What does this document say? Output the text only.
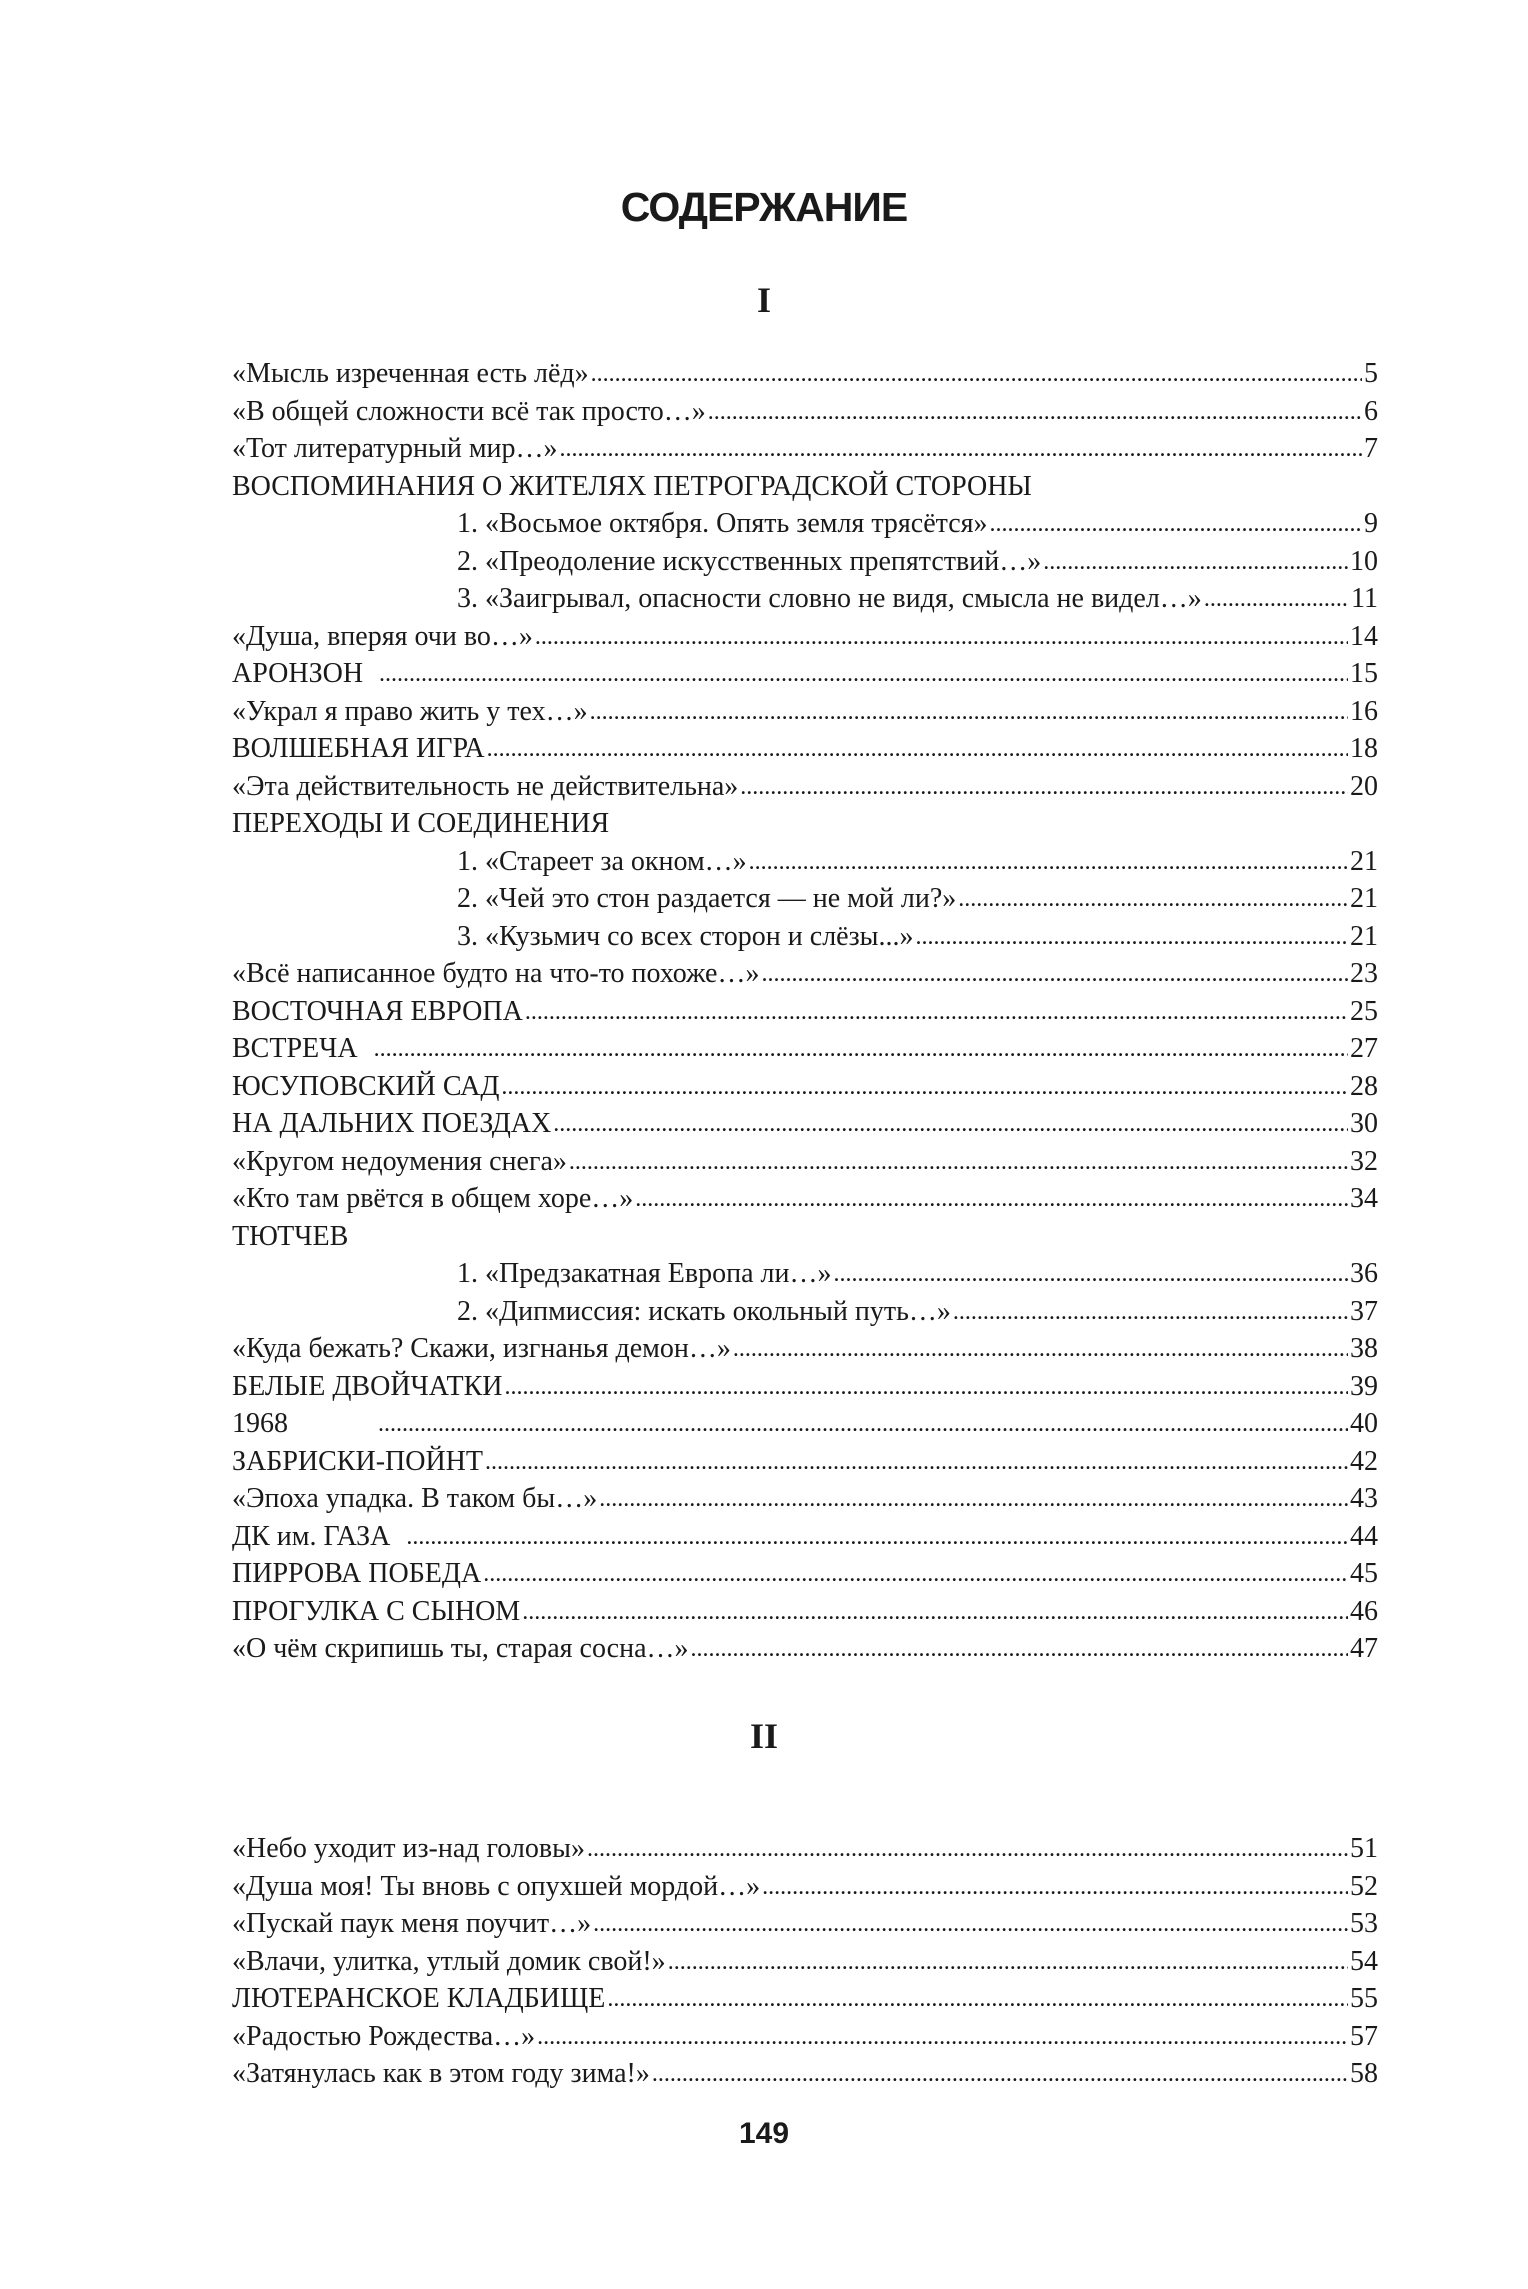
СОДЕРЖАНИЕ
I
«Мысль изреченная есть лёд» . . .	5
«В общей сложности всё так просто…» . . .	6
«Тот литературный мир…» . . .	7
ВОСПОМИНАНИЯ О ЖИТЕЛЯХ ПЕТРОГРАДСКОЙ СТОРОНЫ
1. «Восьмое октября. Опять земля трясётся» . . .	9
2. «Преодоление искусственных препятствий…» . . .	10
3. «Заигрывал, опасности словно не видя, смысла не видел…» . . .	11
«Душа, вперяя очи во…» . . .	14
АРОНЗОН . . .	15
«Украл я право жить у тех…» . . .	16
ВОЛШЕБНАЯ ИГРА . . .	18
«Эта действительность не действительна» . . .	20
ПЕРЕХОДЫ И СОЕДИНЕНИЯ
1. «Стареет за окном…» . . .	21
2. «Чей это стон раздается — не мой ли?» . . .	21
3. «Кузьмич со всех сторон и слёзы...» . . .	21
«Всё написанное будто на что-то похоже…» . . .	23
ВОСТОЧНАЯ ЕВРОПА . . .	25
ВСТРЕЧА . . .	27
ЮСУПОВСКИЙ САД . . .	28
НА ДАЛЬНИХ ПОЕЗДАХ . . .	30
«Кругом недоумения снега» . . .	32
«Кто там рвётся в общем хоре…» . . .	34
ТЮТЧЕВ
1. «Предзакатная Европа ли…» . . .	36
2. «Дипмиссия: искать окольный путь…» . . .	37
«Куда бежать? Скажи, изгнанья демон…» . . .	38
БЕЛЫЕ ДВОЙЧАТКИ . . .	39
1968 . . .	40
ЗАБРИСКИ-ПОЙНТ . . .	42
«Эпоха упадка. В таком бы…» . . .	43
ДК им. ГАЗА . . .	44
ПИРРОВА ПОБЕДА . . .	45
ПРОГУЛКА С СЫНОМ . . .	46
«О чём скрипишь ты, старая сосна…» . . .	47
II
«Небо уходит из-над головы» . . .	51
«Душа моя! Ты вновь с опухшей мордой…» . . .	52
«Пускай паук меня поучит…» . . .	53
«Влачи, улитка, утлый домик свой!» . . .	54
ЛЮТЕРАНСКОЕ КЛАДБИЩЕ . . .	55
«Радостью Рождества…» . . .	57
«Затянулась как в этом году зима!» . . .	58
149
